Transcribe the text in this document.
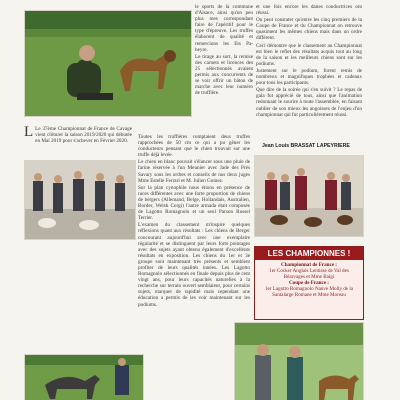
le sports de la commune d'Alsace, ainsi qu'un peu plus mes correspondant faire de l'apéritif pour le type d'épreuve. Les truffes élaborent de qualité et remercions les Ets Pa-beyre.

Le tirage au sort, la remise des carnets et licences des 25 sélectionnés avaient permis aux concurrents de se voir offrir un bâton de marche avec leur numéro de truffière.

L Le 37ème Championnat de France de Cavage vient clôturer la saison 2019/2020 qui débutée en Mai 2019 pour s'achever en Février 2020.

Toutes les truffières comptaient deux truffes rapprochées de 50 cm ce qui a pu gêner les conducteurs pensant que le chien trouvait sur une truffe déjà levée.

Le chien en blanc pouvait s'élancer sous une pluie de farine réservée à l'un Meunier avec Jade des Prés Savary sous les ordres et conseils de nos deux juges Mme Estelle Ferrari et M. Julien Gomez.

Sur la plan cynophile nous étions en présence de races différentes avec une forte proportion de chiens de bergers (Allemand, Belge, Hollandais, Australien, Border, Welsh Corgi) l'autre armada était composée de Lagotto Romagnolo et un seul Parson Russel Terrier.

L'examen du classement m'inspire quelques réflexions quant aux résultats : Les chiens de Berger concourant aujourd'hui avec une exemplaire régularité et se distinguent par leurs forts pointages avec des sujets ayant obtenu également d'excellents résultats en exposition. Les chiens du 1er et 3e groupe sont maintenant très présents et semblent profiter de leurs qualités innées. Les Lagotto Romagnolo sélectionnés en finale depuis plus de cent vingt ans, pour leurs capacités naturelles à la recherche sur terrain ouvert semblaient, pour certains sujets, marquer de rapidité mais cependant une éducation a permis de les voir maintenant sur les podiums.

et une fois encore les danes conductrices ont réussi.

On peut constater qu'entre les cinq premiers de la Coupe de France et du Championnat on retrouve quasiment les mêmes chiens mais dans un ordre différent.

Ceci démontre que le classement au Championnat est bien le reflet des résultats acquis tout au long de la saison et les meilleurs chiens sont sur les podiums.

Justement sur le podium, furent remis de nombreux et magnifiques trophées et cadeaux pour tous les participants.

Que dire de la soirée qui s'en suivit ? Le repas de gala fut apprécié de tous, ainsi que l'animation redonnant le sourire à toute l'assemblée, en faisant oublier de son mieux les angoisses de l'enjeu d'un championnat qui fut particulièrement réussi.

Jean Louis BRASSAT LAPEYRIERE
LES CHAMPIONNES !
Championnat de France :
1er Cocker Anglais Lentisse de Val des Béarvages et Mme Baigi
Coupe de France :
1er Lagotto Romagnolo Nanve Molly de la Santalarge Romane et Mme Moreau
